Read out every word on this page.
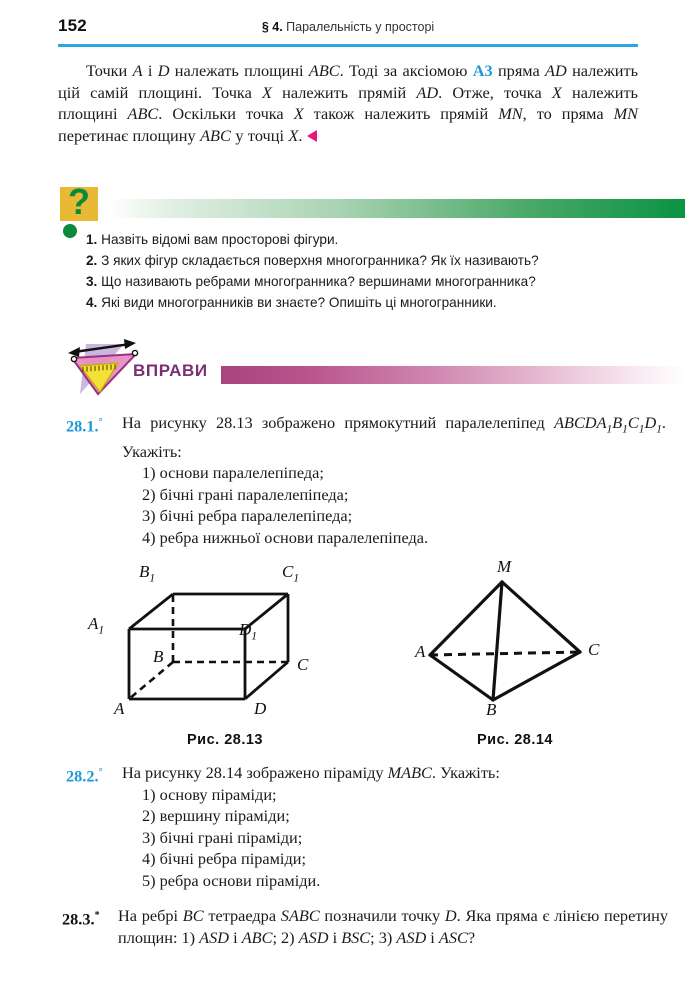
152	§ 4. Паралельність у просторі
Точки A і D належать площині ABC. Тоді за аксіомою А3 пряма AD належить цій самій площині. Точка X належить прямій AD. Отже, точка X належить площині ABC. Оскільки точка X також належить прямій MN, то пряма MN перетинає площину ABC у точці X.
?
1. Назвіть відомі вам просторові фігури.
2. З яких фігур складається поверхня многогранника? Як їх називають?
3. Що називають ребрами многогранника? вершинами многогранника?
4. Які види многогранників ви знаєте? Опишіть ці многогранники.
ВПРАВИ
28.1.° На рисунку 28.13 зображено прямокутний паралелепіпед $ABCDA_1B_1C_1D_1$. Укажіть:
1) основи паралелепіпеда;
2) бічні грані паралелепіпеда;
3) бічні ребра паралелепіпеда;
4) ребра нижньої основи паралелепіпеда.
$B_1$	$C_1$
$A_1$	$D_1$
B	C
A	D
M
A	C
B
Рис. 28.13	Рис. 28.14
28.2.° На рисунку 28.14 зображено піраміду MABC. Укажіть:
1) основу піраміди;
2) вершину піраміди;
3) бічні грані піраміди;
4) бічні ребра піраміди;
5) ребра основи піраміди.
28.3.* На ребрі BC тетраедра SABC позначили точку D. Яка пряма є лінією перетину площин: 1) ASD і ABC; 2) ASD і BSC; 3) ASD і ASC?
